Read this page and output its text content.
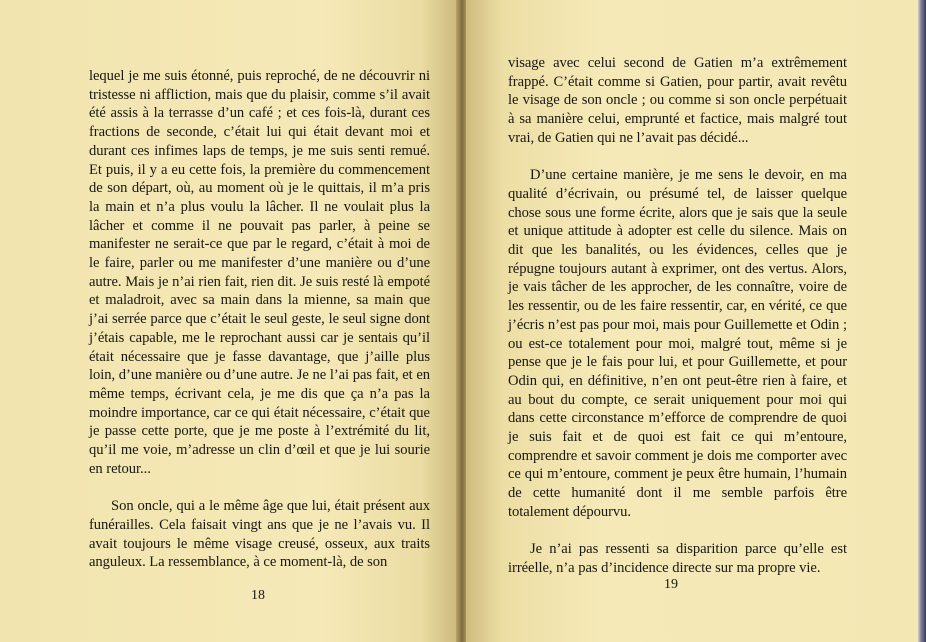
lequel je me suis étonné, puis reproché, de ne découvrir ni tristesse ni affliction, mais que du plaisir, comme s’il avait été assis à la terrasse d’un café ; et ces fois-là, durant ces fractions de seconde, c’était lui qui était devant moi et durant ces infimes laps de temps, je me suis senti remué. Et puis, il y a eu cette fois, la première du commencement de son départ, où, au moment où je le quittais, il m’a pris la main et n’a plus voulu la lâcher. Il ne voulait plus la lâcher et comme il ne pouvait pas parler, à peine se manifester ne serait-ce que par le regard, c’était à moi de le faire, parler ou me manifester d’une manière ou d’une autre. Mais je n’ai rien fait, rien dit. Je suis resté là empoté et maladroit, avec sa main dans la mienne, sa main que j’ai serrée parce que c’était le seul geste, le seul signe dont j’étais capable, me le reprochant aussi car je sentais qu’il était nécessaire que je fasse davantage, que j’aille plus loin, d’une manière ou d’une autre. Je ne l’ai pas fait, et en même temps, écrivant cela, je me dis que ça n’a pas la moindre importance, car ce qui était nécessaire, c’était que je passe cette porte, que je me poste à l’extrémité du lit, qu’il me voie, m’adresse un clin d’œil et que je lui sourie en retour...

Son oncle, qui a le même âge que lui, était présent aux funérailles. Cela faisait vingt ans que je ne l’avais vu. Il avait toujours le même visage creusé, osseux, aux traits anguleux. La ressemblance, à ce moment-là, de son

18

visage avec celui second de Gatien m’a extrêmement frappé. C’était comme si Gatien, pour partir, avait revêtu le visage de son oncle ; ou comme si son oncle perpétuait à sa manière celui, emprunté et factice, mais malgré tout vrai, de Gatien qui ne l’avait pas décidé...

D’une certaine manière, je me sens le devoir, en ma qualité d’écrivain, ou présumé tel, de laisser quelque chose sous une forme écrite, alors que je sais que la seule et unique attitude à adopter est celle du silence. Mais on dit que les banalités, ou les évidences, celles que je répugne toujours autant à exprimer, ont des vertus. Alors, je vais tâcher de les approcher, de les connaître, voire de les ressentir, ou de les faire ressentir, car, en vérité, ce que j’écris n’est pas pour moi, mais pour Guillemette et Odin ; ou est-ce totalement pour moi, malgré tout, même si je pense que je le fais pour lui, et pour Guillemette, et pour Odin qui, en définitive, n’en ont peut-être rien à faire, et au bout du compte, ce serait uniquement pour moi qui dans cette circonstance m’efforce de comprendre de quoi je suis fait et de quoi est fait ce qui m’entoure, comprendre et savoir comment je dois me comporter avec ce qui m’entoure, comment je peux être humain, l’humain de cette humanité dont il me semble parfois être totalement dépourvu.

Je n’ai pas ressenti sa disparition parce qu’elle est irréelle, n’a pas d’incidence directe sur ma propre vie.

19
